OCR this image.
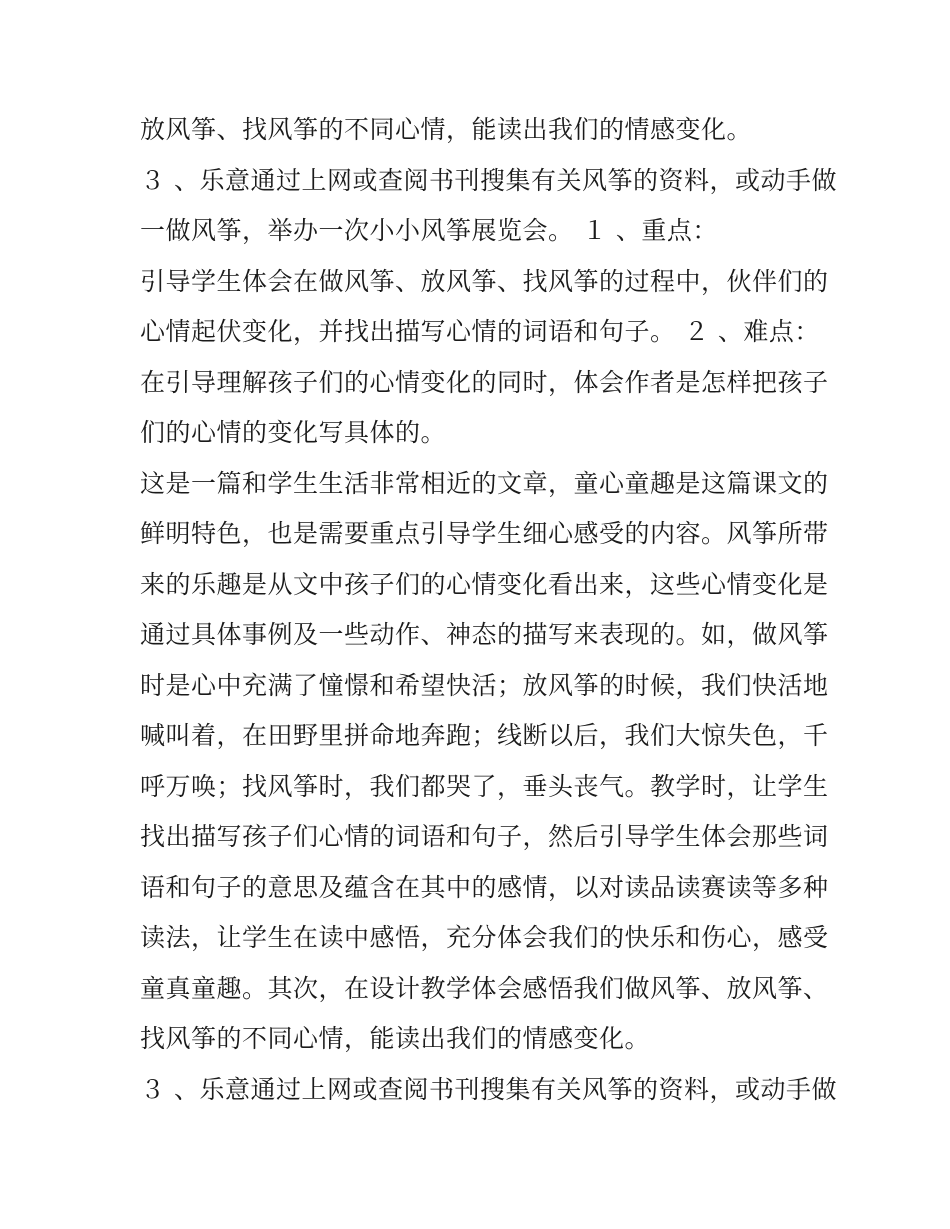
放风筝、找风筝的不同心情，能读出我们的情感变化。
３ 、乐意通过上网或查阅书刊搜集有关风筝的资料，或动手做
一做风筝，举办一次小小风筝展览会。 １ 、重点：
引导学生体会在做风筝、放风筝、找风筝的过程中，伙伴们的
心情起伏变化，并找出描写心情的词语和句子。 ２ 、难点：
在引导理解孩子们的心情变化的同时，体会作者是怎样把孩子
们的心情的变化写具体的。
这是一篇和学生生活非常相近的文章，童心童趣是这篇课文的
鲜明特色，也是需要重点引导学生细心感受的内容。风筝所带
来的乐趣是从文中孩子们的心情变化看出来，这些心情变化是
通过具体事例及一些动作、神态的描写来表现的。如，做风筝
时是心中充满了憧憬和希望快活；放风筝的时候，我们快活地
喊叫着，在田野里拼命地奔跑；线断以后，我们大惊失色，千
呼万唤；找风筝时，我们都哭了，垂头丧气。教学时，让学生
找出描写孩子们心情的词语和句子，然后引导学生体会那些词
语和句子的意思及蕴含在其中的感情，以对读品读赛读等多种
读法，让学生在读中感悟，充分体会我们的快乐和伤心，感受
童真童趣。其次，在设计教学体会感悟我们做风筝、放风筝、
找风筝的不同心情，能读出我们的情感变化。
３ 、乐意通过上网或查阅书刊搜集有关风筝的资料，或动手做
